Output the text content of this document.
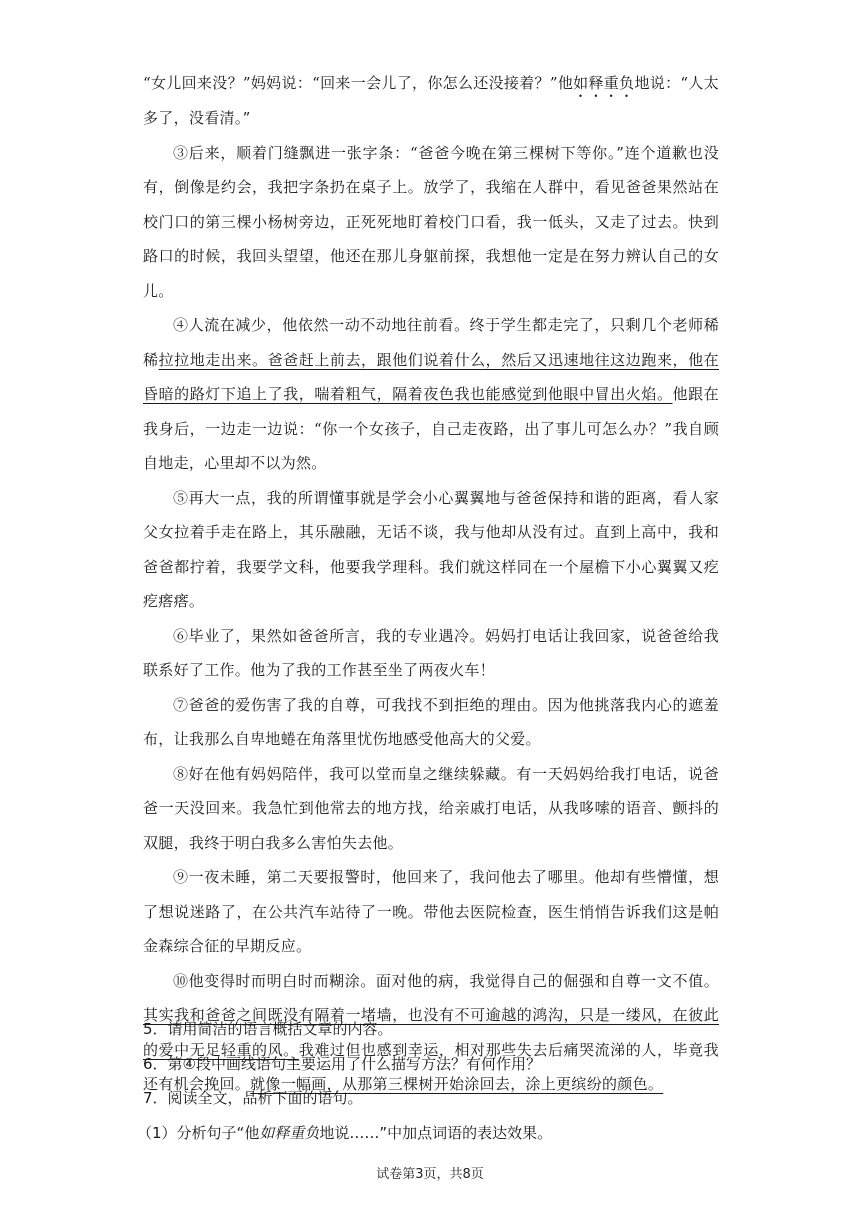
“女儿回来没？”妈妈说：“回来一会儿了，你怎么还没接着？”他如释重负地说：“人太多了，没看清。”

③后来，顺着门缝飘进一张字条：“爸爸今晚在第三棵树下等你。”连个道歉也没有，倒像是约会，我把字条扔在桌子上。放学了，我缩在人群中，看见爸爸果然站在校门口的第三棵小杨树旁边，正死死地盯着校门口看，我一低头，又走了过去。快到路口的时候，我回头望望，他还在那儿身躯前探，我想他一定是在努力辨认自己的女儿。

④人流在减少，他依然一动不动地往前看。终于学生都走完了，只剩几个老师稀稀拉拉地走出来。爸爸赶上前去，跟他们说着什么，然后又迅速地往这边跑来，他在昏暗的路灯下追上了我，喘着粗气，隔着夜色我也能感觉到他眼中冒出火焰。他跟在我身后，一边走一边说：“你一个女孩子，自己走夜路，出了事儿可怎么办？”我自顾自地走，心里却不以为然。

⑤再大一点，我的所谓懂事就是学会小心翼翼地与爸爸保持和谐的距离，看人家父女拉着手走在路上，其乐融融，无话不谈，我与他却从没有过。直到上高中，我和爸爸都拧着，我要学文科，他要我学理科。我们就这样同在一个屋檐下小心翼翼又疙疙瘩瘩。

⑥毕业了，果然如爸爸所言，我的专业遇冷。妈妈打电话让我回家，说爸爸给我联系好了工作。他为了我的工作甚至坐了两夜火车！

⑦爸爸的爱伤害了我的自尊，可我找不到拒绝的理由。因为他挑落我内心的遮羞布，让我那么自卑地蜷在角落里忧伤地感受他高大的父爱。

⑧好在他有妈妈陪伴，我可以堂而皇之继续躲藏。有一天妈妈给我打电话，说爸爸一天没回来。我急忙到他常去的地方找，给亲戚打电话，从我哆嗦的语音、颤抖的双腿，我终于明白我多么害怕失去他。

⑨一夜未睡，第二天要报警时，他回来了，我问他去了哪里。他却有些懵懂，想了想说迷路了，在公共汽车站待了一晚。带他去医院检查，医生悄悄告诉我们这是帕金森综合征的早期反应。

⑩他变得时而明白时而糊涂。面对他的病，我觉得自己的倔强和自尊一文不值。其实我和爸爸之间既没有隔着一堵墙，也没有不可逾越的鸿沟，只是一缕风，在彼此的爱中无足轻重的风。我难过但也感到幸运，相对那些失去后痛哭流涕的人，毕竟我还有机会挽回。就像一幅画，从那第三棵树开始涂回去，涂上更缤纷的颜色。

5．请用简洁的语言概括文章的内容。

6．第④段中画线语句主要运用了什么描写方法？有何作用？

7．阅读全文，品析下面的语句。

（1）分析句子“他如释重负地说……”中加点词语的表达效果。

试卷第3页，共8页
